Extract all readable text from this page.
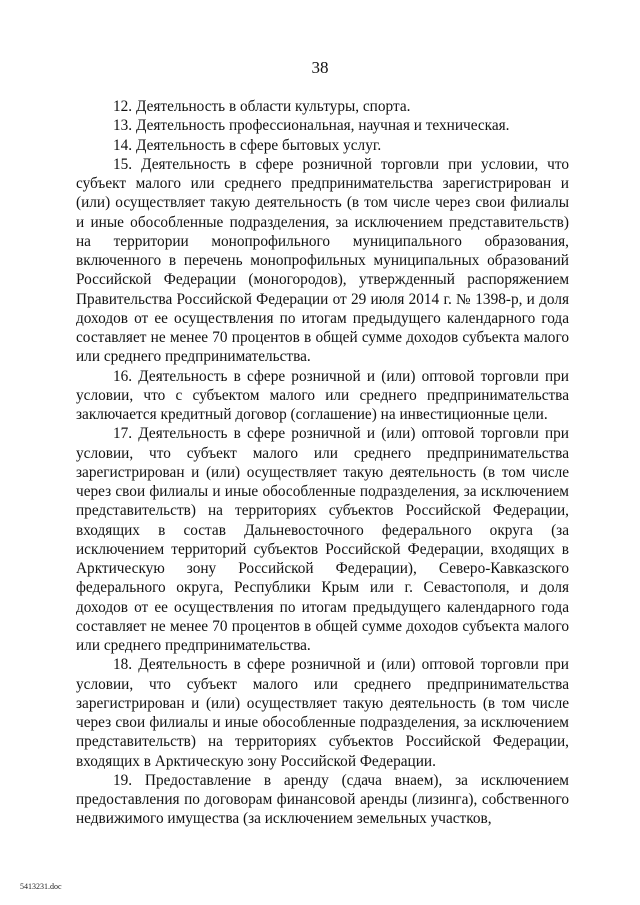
38

12. Деятельность в области культуры, спорта.

13. Деятельность профессиональная, научная и техническая.

14. Деятельность в сфере бытовых услуг.

15. Деятельность в сфере розничной торговли при условии, что субъект малого или среднего предпринимательства зарегистрирован и (или) осуществляет такую деятельность (в том числе через свои филиалы и иные обособленные подразделения, за исключением представительств) на территории монопрофильного муниципального образования, включенного в перечень монопрофильных муниципальных образований Российской Федерации (моногородов), утвержденный распоряжением Правительства Российской Федерации от 29 июля 2014 г. № 1398-р, и доля доходов от ее осуществления по итогам предыдущего календарного года составляет не менее 70 процентов в общей сумме доходов субъекта малого или среднего предпринимательства.

16. Деятельность в сфере розничной и (или) оптовой торговли при условии, что с субъектом малого или среднего предпринимательства заключается кредитный договор (соглашение) на инвестиционные цели.

17. Деятельность в сфере розничной и (или) оптовой торговли при условии, что субъект малого или среднего предпринимательства зарегистрирован и (или) осуществляет такую деятельность (в том числе через свои филиалы и иные обособленные подразделения, за исключением представительств) на территориях субъектов Российской Федерации, входящих в состав Дальневосточного федерального округа (за исключением территорий субъектов Российской Федерации, входящих в Арктическую зону Российской Федерации), Северо-Кавказского федерального округа, Республики Крым или г. Севастополя, и доля доходов от ее осуществления по итогам предыдущего календарного года составляет не менее 70 процентов в общей сумме доходов субъекта малого или среднего предпринимательства.

18. Деятельность в сфере розничной и (или) оптовой торговли при условии, что субъект малого или среднего предпринимательства зарегистрирован и (или) осуществляет такую деятельность (в том числе через свои филиалы и иные обособленные подразделения, за исключением представительств) на территориях субъектов Российской Федерации, входящих в Арктическую зону Российской Федерации.

19. Предоставление в аренду (сдача внаем), за исключением предоставления по договорам финансовой аренды (лизинга), собственного недвижимого имущества (за исключением земельных участков,

5413231.doc
